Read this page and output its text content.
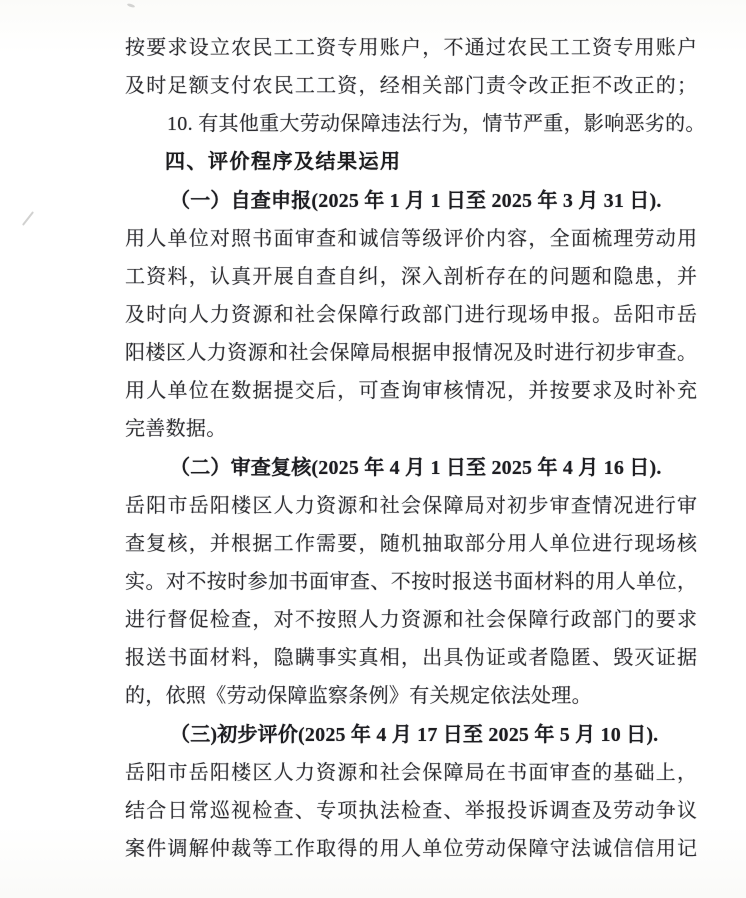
按要求设立农民工工资专用账户，不通过农民工工资专用账户
及时足额支付农民工工资，经相关部门责令改正拒不改正的；
10. 有其他重大劳动保障违法行为，情节严重，影响恶劣的。
四、评价程序及结果运用
（一）自查申报(2025 年 1 月 1 日至 2025 年 3 月 31 日).
用人单位对照书面审查和诚信等级评价内容，全面梳理劳动用
工资料，认真开展自查自纠，深入剖析存在的问题和隐患，并
及时向人力资源和社会保障行政部门进行现场申报。岳阳市岳
阳楼区人力资源和社会保障局根据申报情况及时进行初步审查。
用人单位在数据提交后，可查询审核情况，并按要求及时补充
完善数据。
（二）审查复核(2025 年 4 月 1 日至 2025 年 4 月 16 日).
岳阳市岳阳楼区人力资源和社会保障局对初步审查情况进行审
查复核，并根据工作需要，随机抽取部分用人单位进行现场核
实。对不按时参加书面审查、不按时报送书面材料的用人单位，
进行督促检查，对不按照人力资源和社会保障行政部门的要求
报送书面材料，隐瞒事实真相，出具伪证或者隐匿、毁灭证据
的，依照《劳动保障监察条例》有关规定依法处理。
（三)初步评价(2025 年 4 月 17 日至 2025 年 5 月 10 日).
岳阳市岳阳楼区人力资源和社会保障局在书面审查的基础上，
结合日常巡视检查、专项执法检查、举报投诉调查及劳动争议
案件调解仲裁等工作取得的用人单位劳动保障守法诚信信用记
